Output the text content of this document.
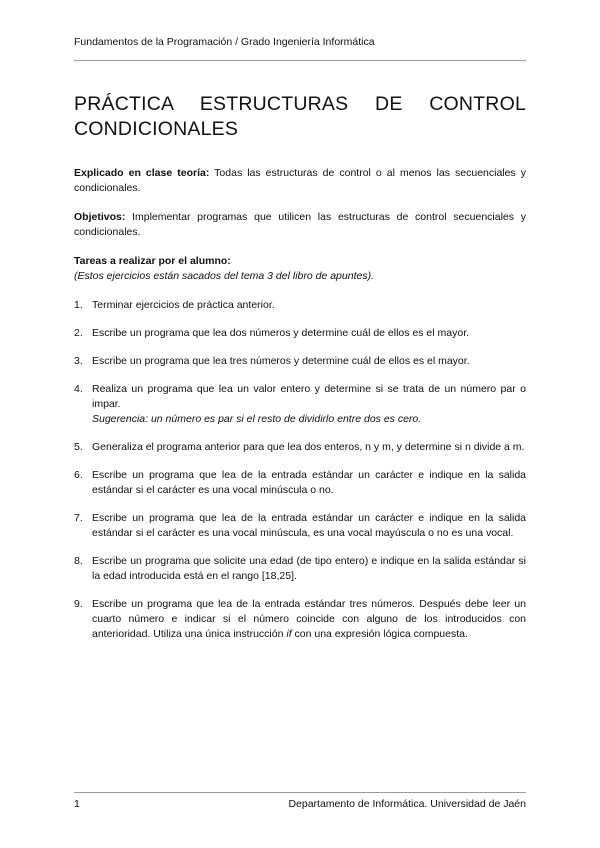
Fundamentos de la Programación / Grado Ingeniería Informática
PRÁCTICA ESTRUCTURAS DE CONTROL CONDICIONALES

Explicado en clase teoría: Todas las estructuras de control o al menos las secuenciales y condicionales.

Objetivos: Implementar programas que utilicen las estructuras de control secuenciales y condicionales.

Tareas a realizar por el alumno:

(Estos ejercicios están sacados del tema 3 del libro de apuntes).

1. Terminar ejercicios de práctica anterior.
2. Escribe un programa que lea dos números y determine cuál de ellos es el mayor.
3. Escribe un programa que lea tres números y determine cuál de ellos es el mayor.
4. Realiza un programa que lea un valor entero y determine si se trata de un número par o impar.
Sugerencia: un número es par si el resto de dividirlo entre dos es cero.
5. Generaliza el programa anterior para que lea dos enteros, n y m, y determine si n divide a m.
6. Escribe un programa que lea de la entrada estándar un carácter e indique en la salida estándar si el carácter es una vocal minúscula o no.
7. Escribe un programa que lea de la entrada estándar un carácter e indique en la salida estándar si el carácter es una vocal minúscula, es una vocal mayúscula o no es una vocal.
8. Escribe un programa que solicite una edad (de tipo entero) e indique en la salida estándar si la edad introducida está en el rango [18,25].
9. Escribe un programa que lea de la entrada estándar tres números. Después debe leer un cuarto número e indicar si el número coincide con alguno de los introducidos con anterioridad. Utiliza una única instrucción if con una expresión lógica compuesta.
1	Departamento de Informática. Universidad de Jaén
